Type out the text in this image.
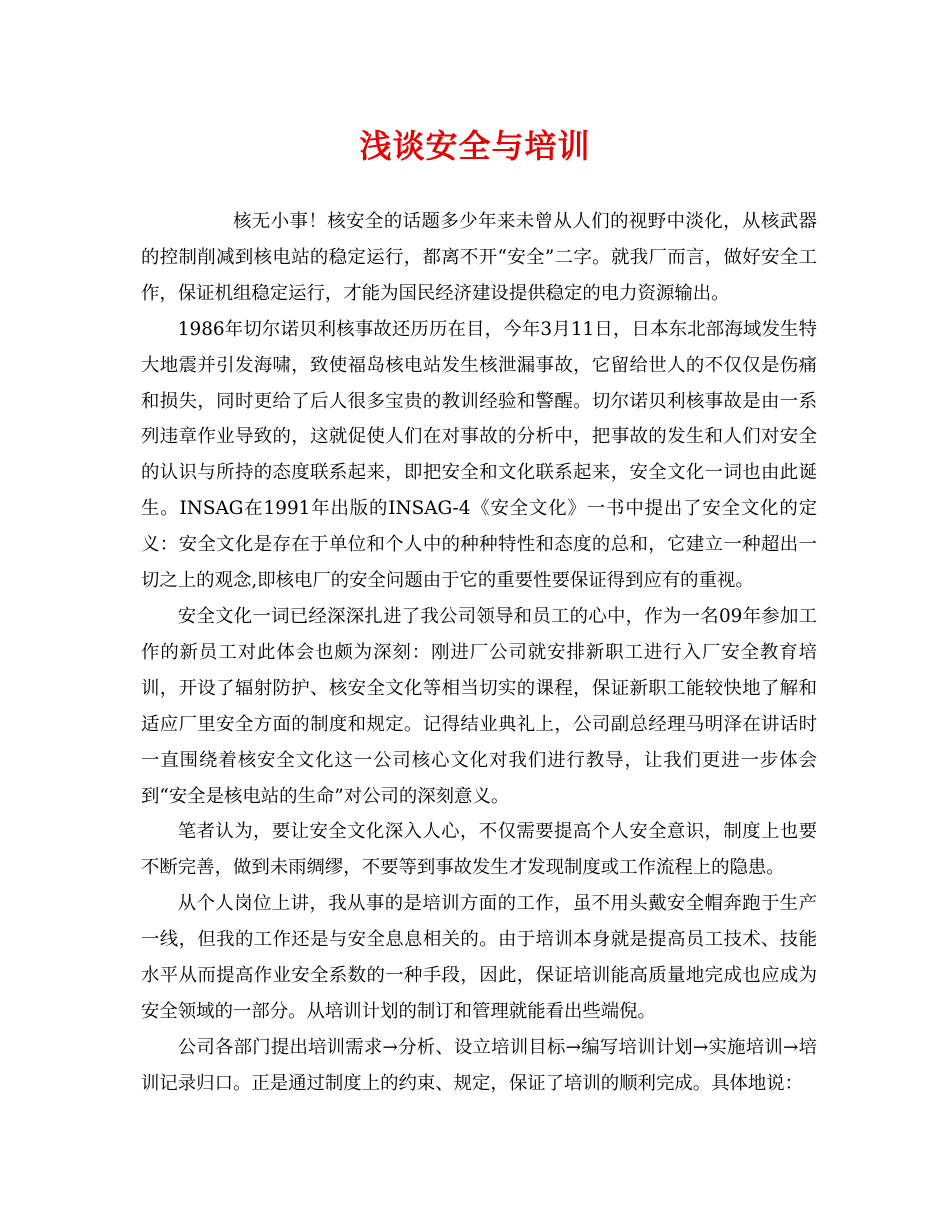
浅谈安全与培训

核无小事！核安全的话题多少年来未曾从人们的视野中淡化，从核武器的控制削减到核电站的稳定运行，都离不开“安全”二字。就我厂而言，做好安全工作，保证机组稳定运行，才能为国民经济建设提供稳定的电力资源输出。

1986年切尔诺贝利核事故还历历在目，今年3月11日，日本东北部海域发生特大地震并引发海啸，致使福岛核电站发生核泄漏事故，它留给世人的不仅仅是伤痛和损失，同时更给了后人很多宝贵的教训经验和警醒。切尔诺贝利核事故是由一系列违章作业导致的，这就促使人们在对事故的分析中，把事故的发生和人们对安全的认识与所持的态度联系起来，即把安全和文化联系起来，安全文化一词也由此诞生。INSAG在1991年出版的INSAG-4《安全文化》一书中提出了安全文化的定义：安全文化是存在于单位和个人中的种种特性和态度的总和，它建立一种超出一切之上的观念,即核电厂的安全问题由于它的重要性要保证得到应有的重视。

安全文化一词已经深深扎进了我公司领导和员工的心中，作为一名09年参加工作的新员工对此体会也颇为深刻：刚进厂公司就安排新职工进行入厂安全教育培训，开设了辐射防护、核安全文化等相当切实的课程，保证新职工能较快地了解和适应厂里安全方面的制度和规定。记得结业典礼上，公司副总经理马明泽在讲话时一直围绕着核安全文化这一公司核心文化对我们进行教导，让我们更进一步体会到“安全是核电站的生命”对公司的深刻意义。

笔者认为，要让安全文化深入人心，不仅需要提高个人安全意识，制度上也要不断完善，做到未雨绸缪，不要等到事故发生才发现制度或工作流程上的隐患。

从个人岗位上讲，我从事的是培训方面的工作，虽不用头戴安全帽奔跑于生产一线，但我的工作还是与安全息息相关的。由于培训本身就是提高员工技术、技能水平从而提高作业安全系数的一种手段，因此，保证培训能高质量地完成也应成为安全领域的一部分。从培训计划的制订和管理就能看出些端倪。

公司各部门提出培训需求→分析、设立培训目标→编写培训计划→实施培训→培训记录归口。正是通过制度上的约束、规定，保证了培训的顺利完成。具体地说：
